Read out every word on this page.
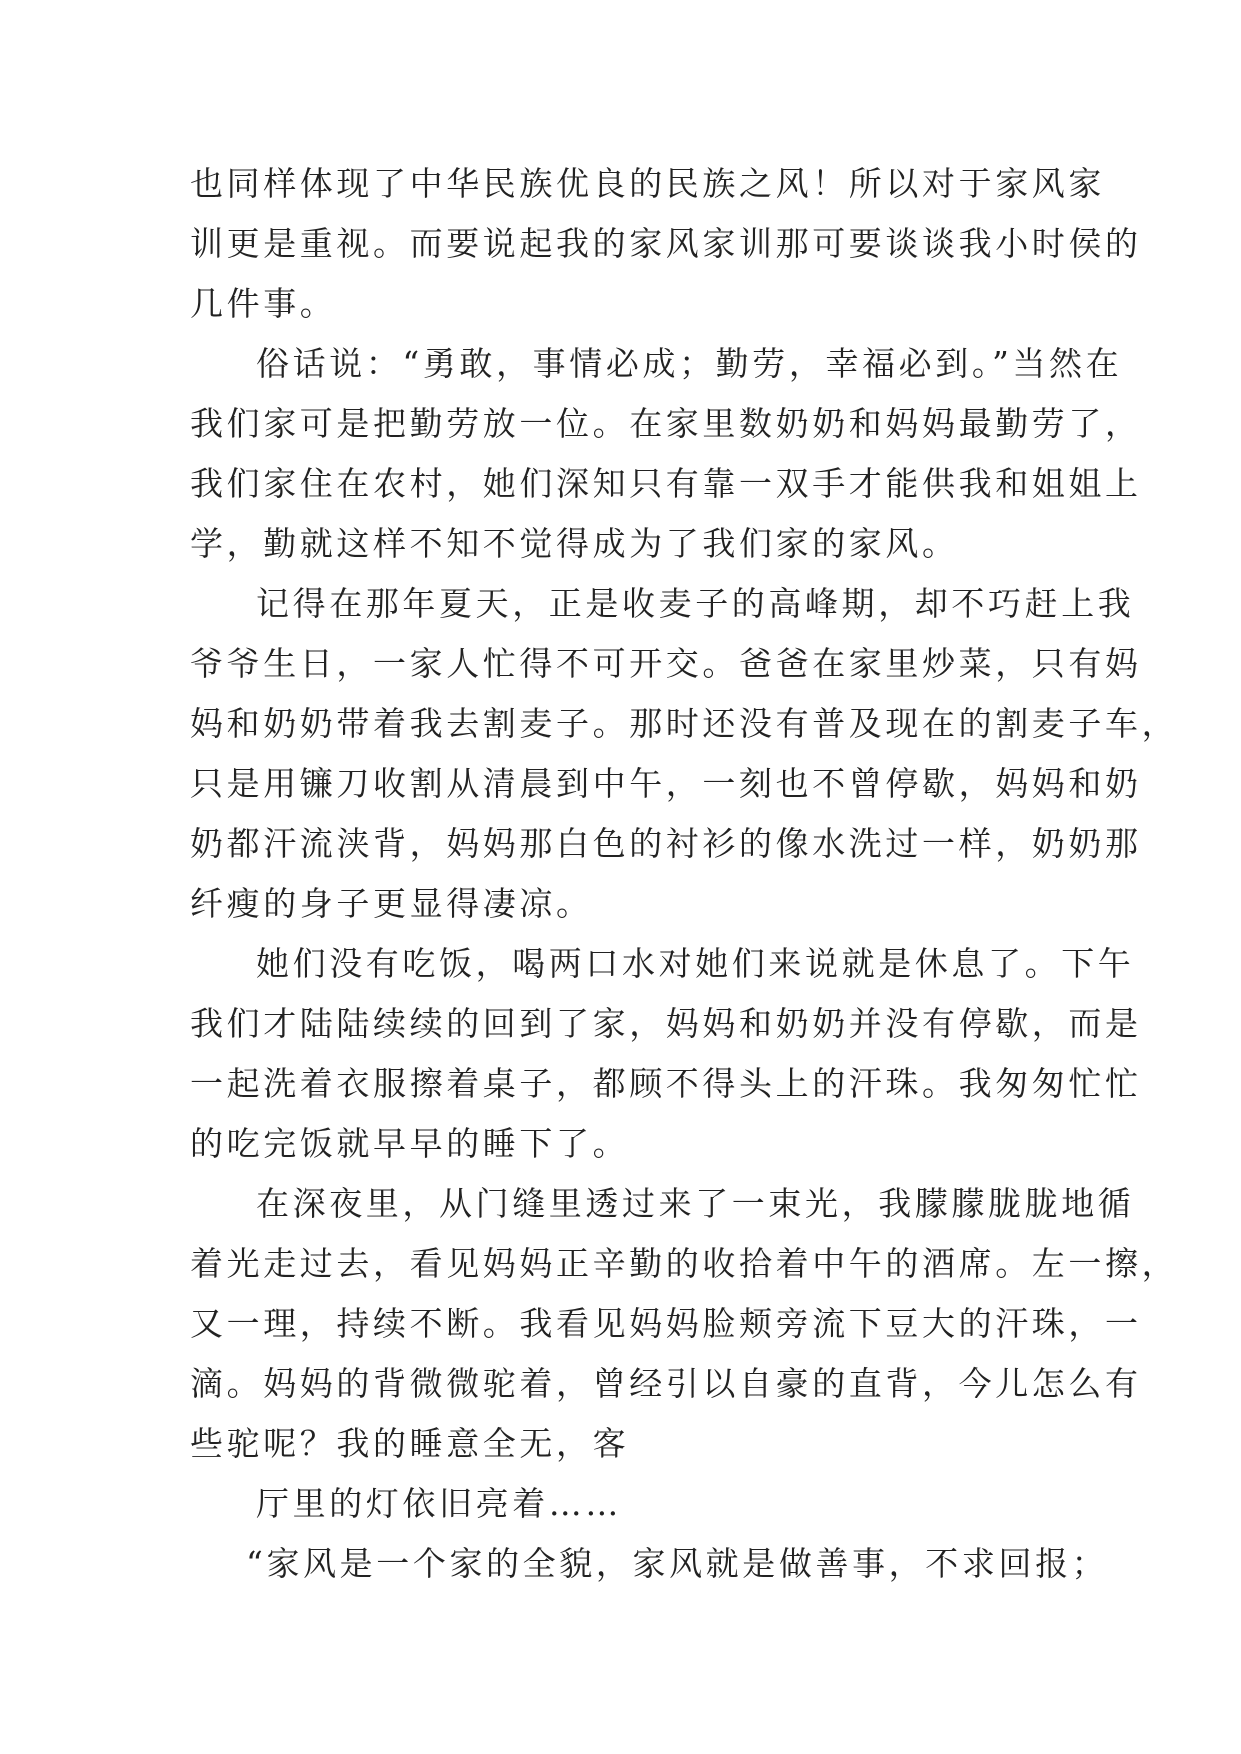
也同样体现了中华民族优良的民族之风！所以对于家风家
训更是重视。而要说起我的家风家训那可要谈谈我小时侯的
几件事。
俗话说：“勇敢，事情必成；勤劳，幸福必到。”当然在
我们家可是把勤劳放一位。在家里数奶奶和妈妈最勤劳了，
我们家住在农村，她们深知只有靠一双手才能供我和姐姐上
学，勤就这样不知不觉得成为了我们家的家风。
记得在那年夏天，正是收麦子的高峰期，却不巧赶上我
爷爷生日，一家人忙得不可开交。爸爸在家里炒菜，只有妈
妈和奶奶带着我去割麦子。那时还没有普及现在的割麦子车，
只是用镰刀收割从清晨到中午，一刻也不曾停歇，妈妈和奶
奶都汗流浃背，妈妈那白色的衬衫的像水洗过一样，奶奶那
纤瘦的身子更显得凄凉。
她们没有吃饭，喝两口水对她们来说就是休息了。下午
我们才陆陆续续的回到了家，妈妈和奶奶并没有停歇，而是
一起洗着衣服擦着桌子，都顾不得头上的汗珠。我匆匆忙忙
的吃完饭就早早的睡下了。
在深夜里，从门缝里透过来了一束光，我朦朦胧胧地循
着光走过去，看见妈妈正辛勤的收拾着中午的酒席。左一擦，
又一理，持续不断。我看见妈妈脸颊旁流下豆大的汗珠，一
滴。妈妈的背微微驼着，曾经引以自豪的直背，今儿怎么有
些驼呢？我的睡意全无，客
厅里的灯依旧亮着……
“家风是一个家的全貌，家风就是做善事，不求回报；
